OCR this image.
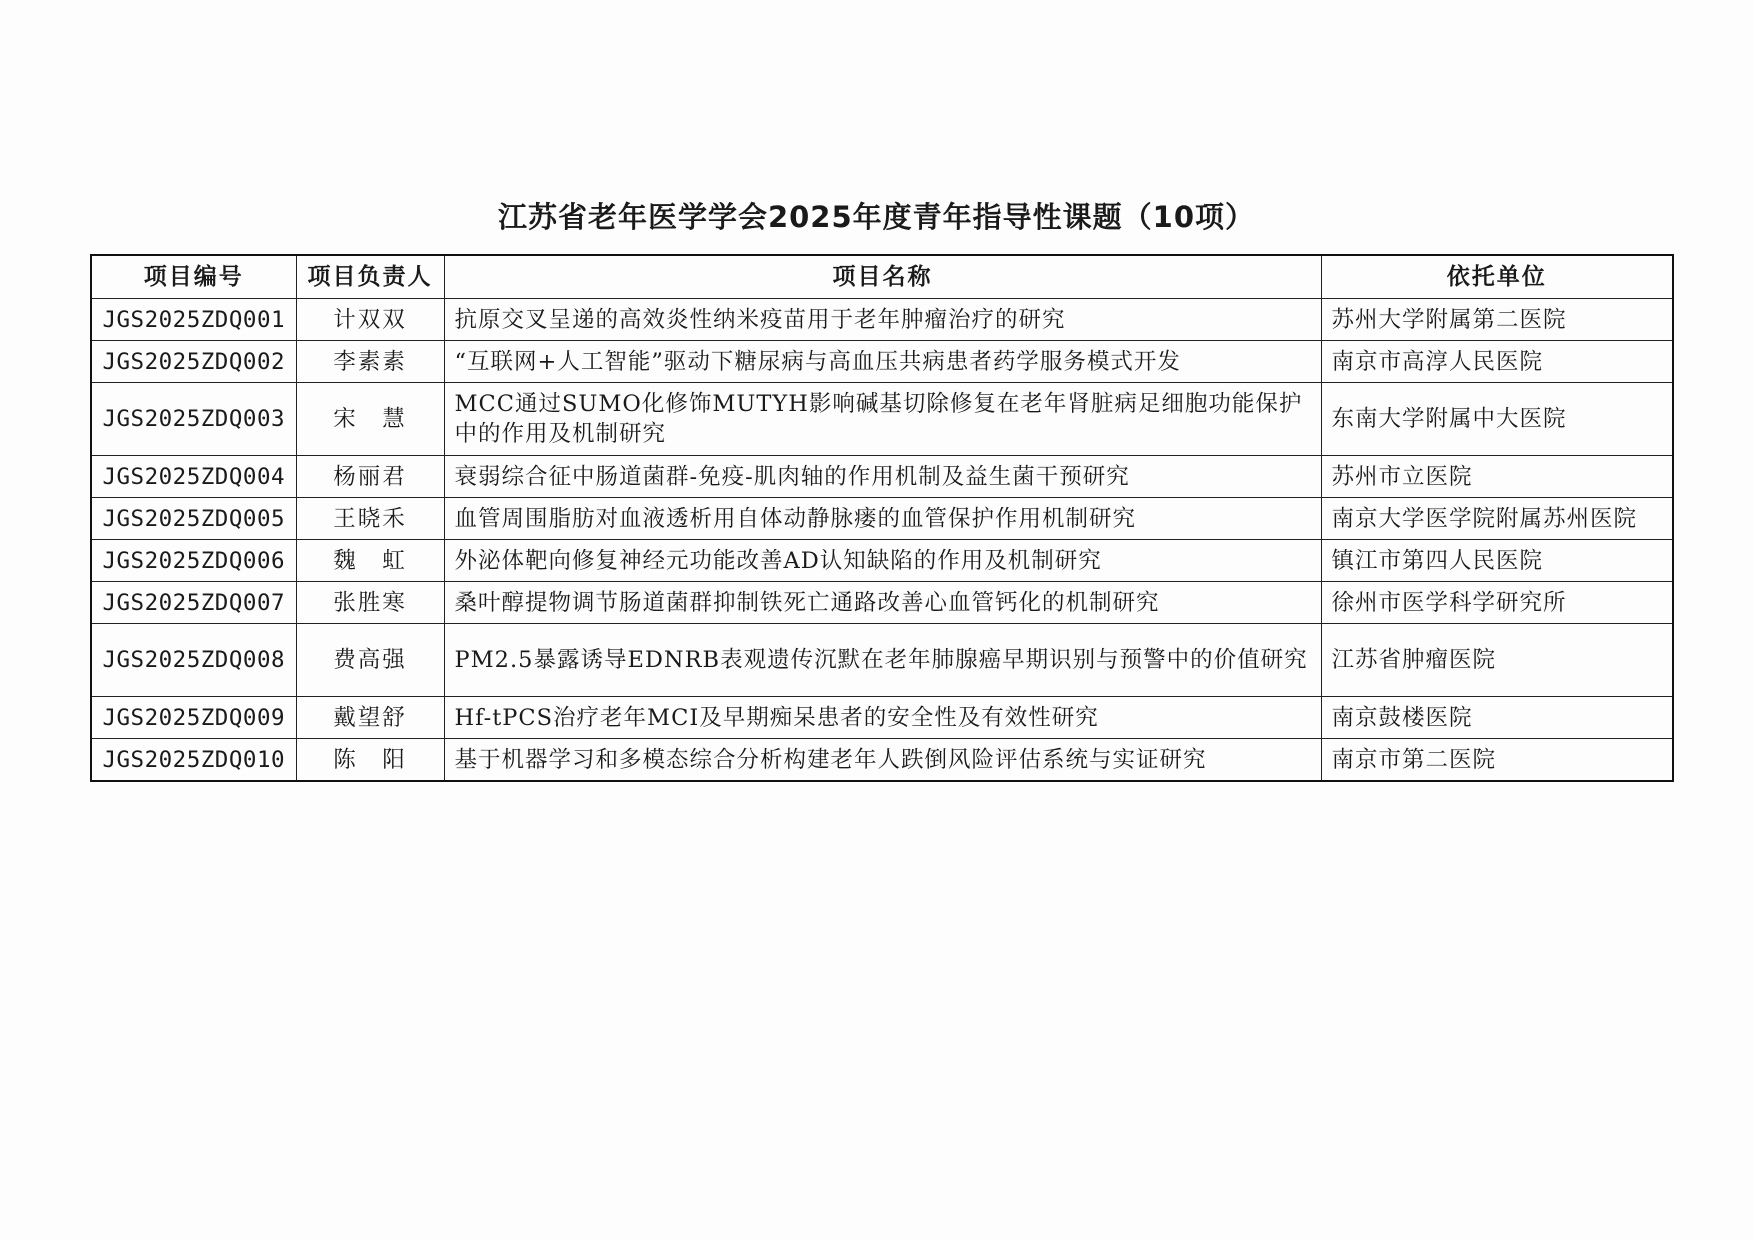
江苏省老年医学学会2025年度青年指导性课题（10项）
项目编号	项目负责人	项目名称	依托单位
JGS2025ZDQ001	计双双	抗原交叉呈递的高效炎性纳米疫苗用于老年肿瘤治疗的研究	苏州大学附属第二医院
JGS2025ZDQ002	李素素	“互联网+人工智能”驱动下糖尿病与高血压共病患者药学服务模式开发	南京市高淳人民医院
JGS2025ZDQ003	宋　慧	MCC通过SUMO化修饰MUTYH影响碱基切除修复在老年肾脏病足细胞功能保护中的作用及机制研究	东南大学附属中大医院
JGS2025ZDQ004	杨丽君	衰弱综合征中肠道菌群-免疫-肌肉轴的作用机制及益生菌干预研究	苏州市立医院
JGS2025ZDQ005	王晓禾	血管周围脂肪对血液透析用自体动静脉瘘的血管保护作用机制研究	南京大学医学院附属苏州医院
JGS2025ZDQ006	魏　虹	外泌体靶向修复神经元功能改善AD认知缺陷的作用及机制研究	镇江市第四人民医院
JGS2025ZDQ007	张胜寒	桑叶醇提物调节肠道菌群抑制铁死亡通路改善心血管钙化的机制研究	徐州市医学科学研究所
JGS2025ZDQ008	费高强	PM2.5暴露诱导EDNRB表观遗传沉默在老年肺腺癌早期识别与预警中的价值研究	江苏省肿瘤医院
JGS2025ZDQ009	戴望舒	Hf-tPCS治疗老年MCI及早期痴呆患者的安全性及有效性研究	南京鼓楼医院
JGS2025ZDQ010	陈　阳	基于机器学习和多模态综合分析构建老年人跌倒风险评估系统与实证研究	南京市第二医院
